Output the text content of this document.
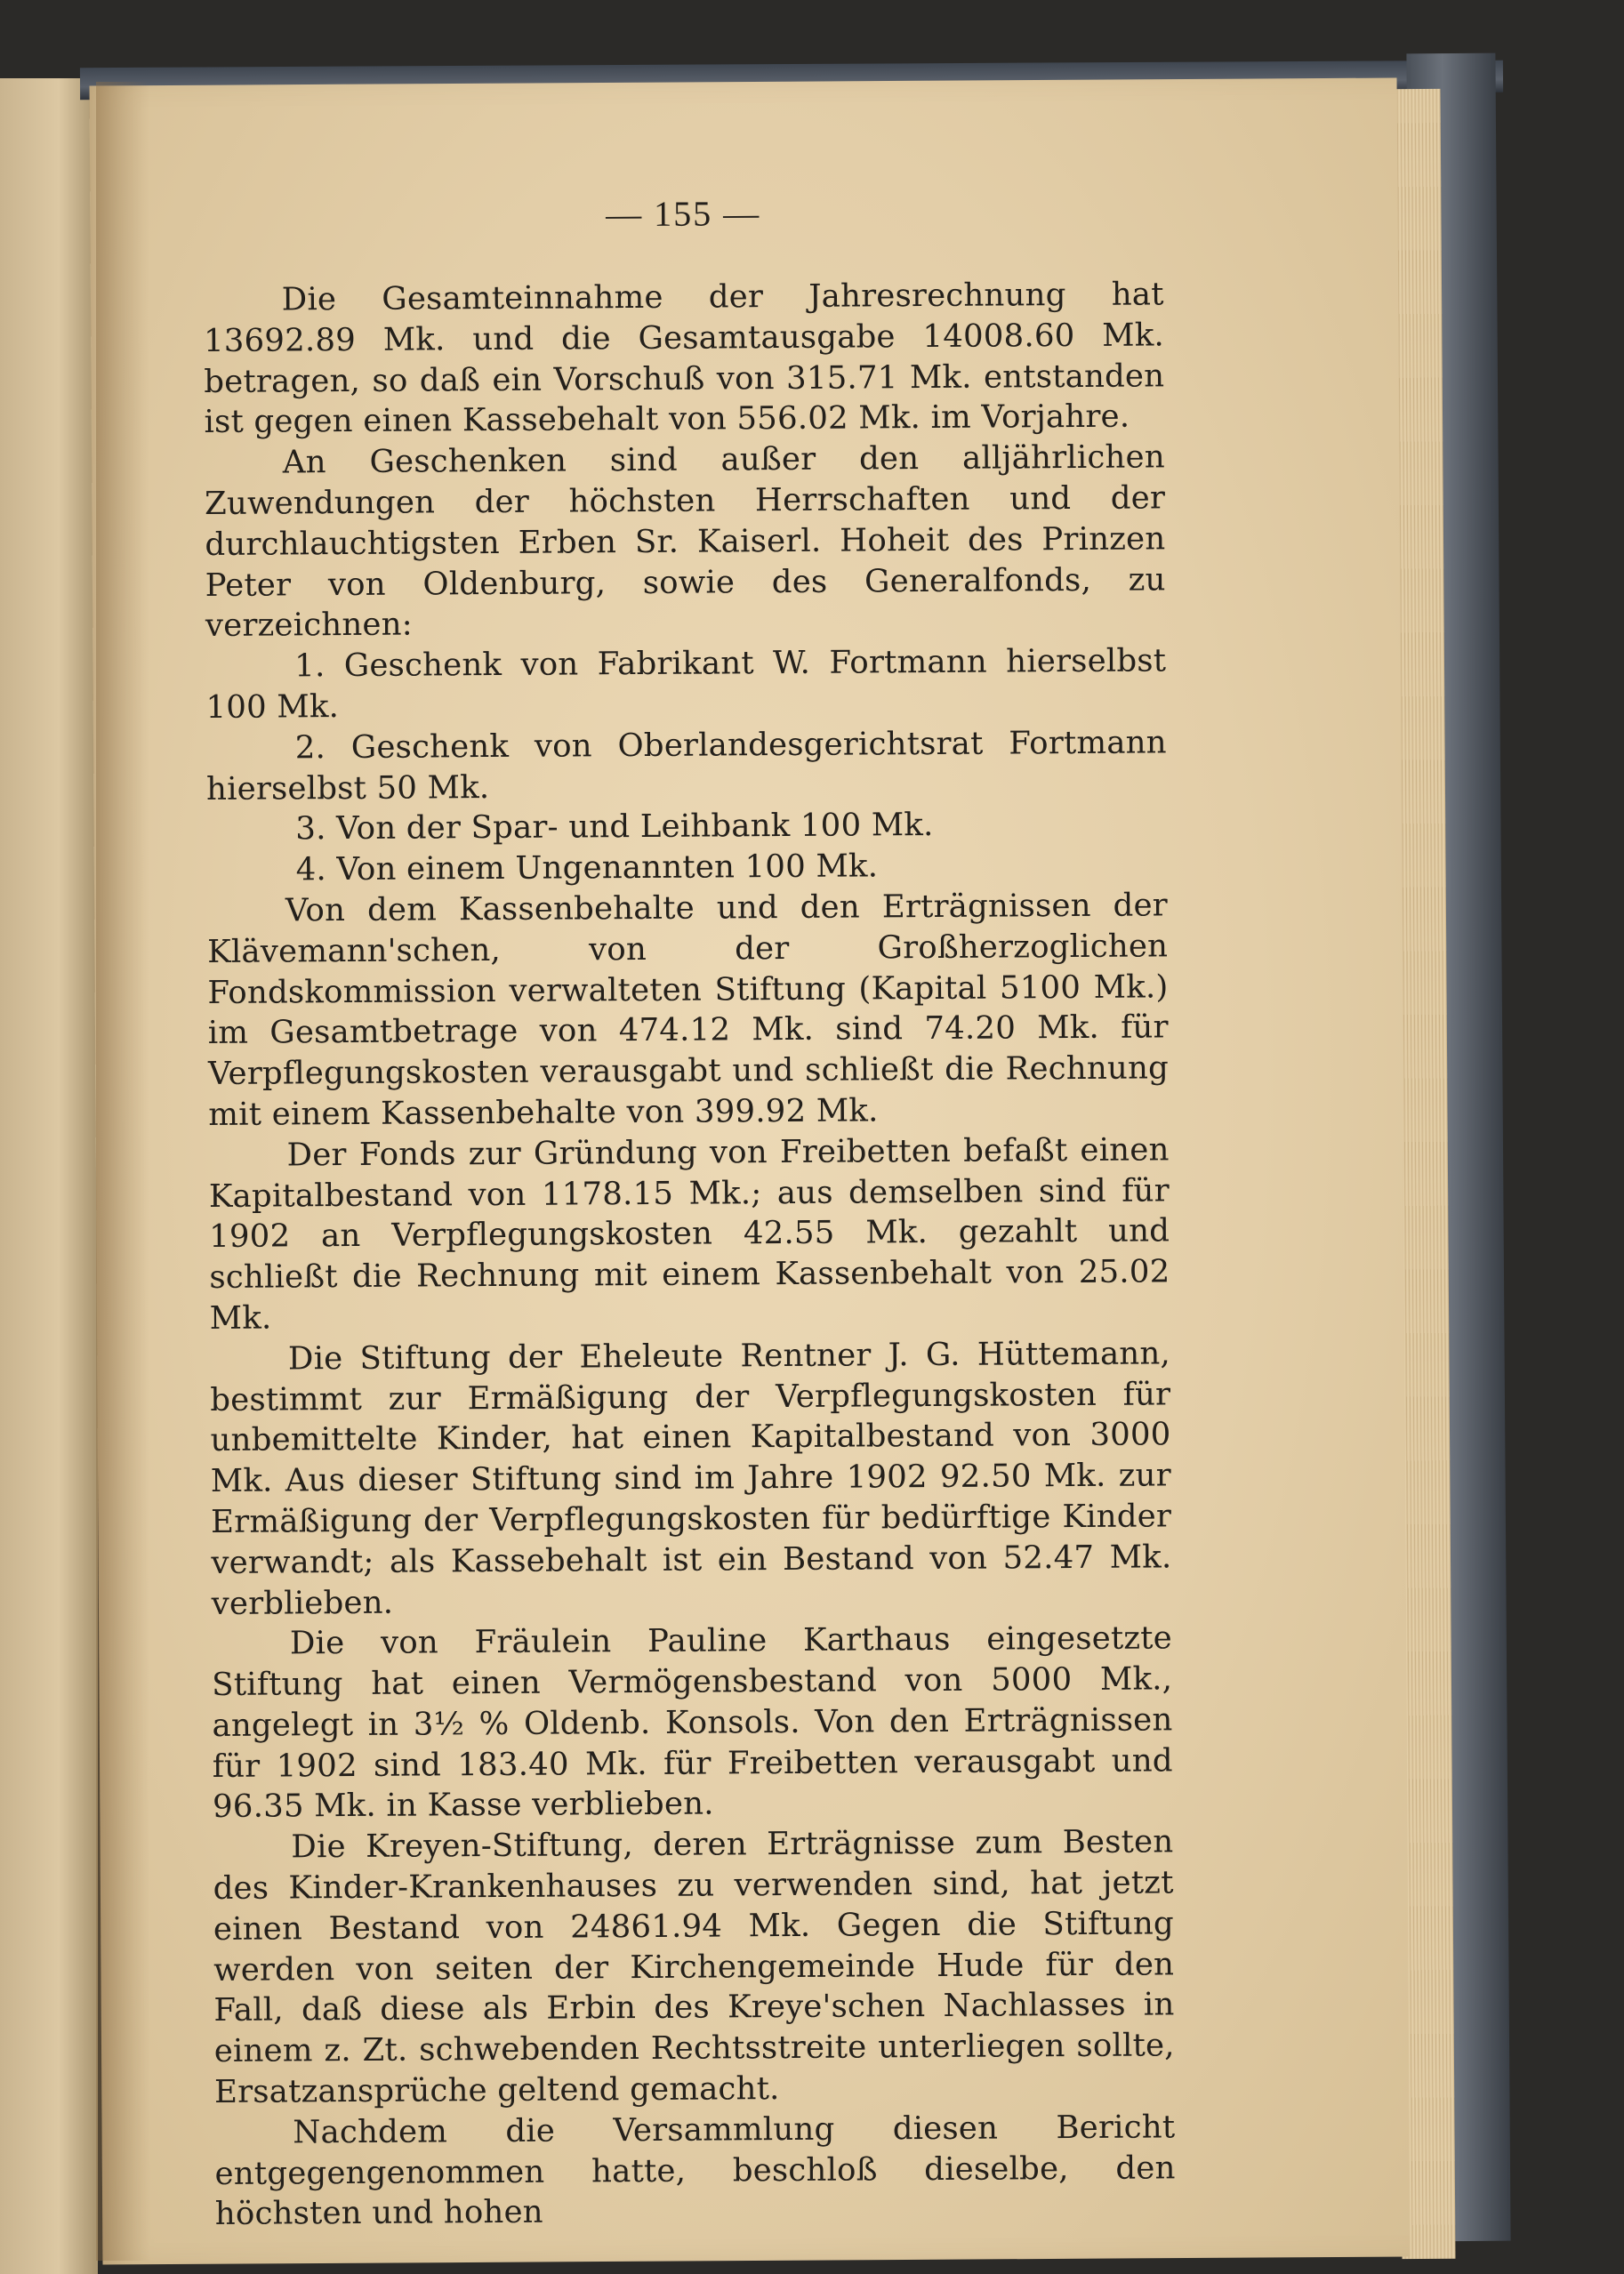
— 155 —

Die Gesamteinnahme der Jahresrechnung hat 13692.89 Mk. und die Gesamtausgabe 14008.60 Mk. betragen, so daß ein Vorschuß von 315.71 Mk. entstanden ist gegen einen Kassebehalt von 556.02 Mk. im Vorjahre.

An Geschenken sind außer den alljährlichen Zuwendungen der höchsten Herrschaften und der durchlauchtigsten Erben Sr. Kaiserl. Hoheit des Prinzen Peter von Oldenburg, sowie des Generalfonds, zu verzeichnen:

1. Geschenk von Fabrikant W. Fortmann hierselbst 100 Mk.

2. Geschenk von Oberlandesgerichtsrat Fortmann hierselbst 50 Mk.

3. Von der Spar- und Leihbank 100 Mk.

4. Von einem Ungenannten 100 Mk.

Von dem Kassenbehalte und den Erträgnissen der Klävemann'schen, von der Großherzoglichen Fondskommission verwalteten Stiftung (Kapital 5100 Mk.) im Gesamtbetrage von 474.12 Mk. sind 74.20 Mk. für Verpflegungskosten verausgabt und schließt die Rechnung mit einem Kassenbehalte von 399.92 Mk.

Der Fonds zur Gründung von Freibetten befaßt einen Kapitalbestand von 1178.15 Mk.; aus demselben sind für 1902 an Verpflegungskosten 42.55 Mk. gezahlt und schließt die Rechnung mit einem Kassenbehalt von 25.02 Mk.

Die Stiftung der Eheleute Rentner J. G. Hüttemann, bestimmt zur Ermäßigung der Verpflegungskosten für unbemittelte Kinder, hat einen Kapitalbestand von 3000 Mk. Aus dieser Stiftung sind im Jahre 1902 92.50 Mk. zur Ermäßigung der Verpflegungskosten für bedürftige Kinder verwandt; als Kassebehalt ist ein Bestand von 52.47 Mk. verblieben.

Die von Fräulein Pauline Karthaus eingesetzte Stiftung hat einen Vermögensbestand von 5000 Mk., angelegt in 3½ % Oldenb. Konsols. Von den Erträgnissen für 1902 sind 183.40 Mk. für Freibetten verausgabt und 96.35 Mk. in Kasse verblieben.

Die Kreyen-Stiftung, deren Erträgnisse zum Besten des Kinder-Krankenhauses zu verwenden sind, hat jetzt einen Bestand von 24861.94 Mk. Gegen die Stiftung werden von seiten der Kirchengemeinde Hude für den Fall, daß diese als Erbin des Kreye'schen Nachlasses in einem z. Zt. schwebenden Rechtsstreite unterliegen sollte, Ersatzansprüche geltend gemacht.

Nachdem die Versammlung diesen Bericht entgegengenommen hatte, beschloß dieselbe, den höchsten und hohen
